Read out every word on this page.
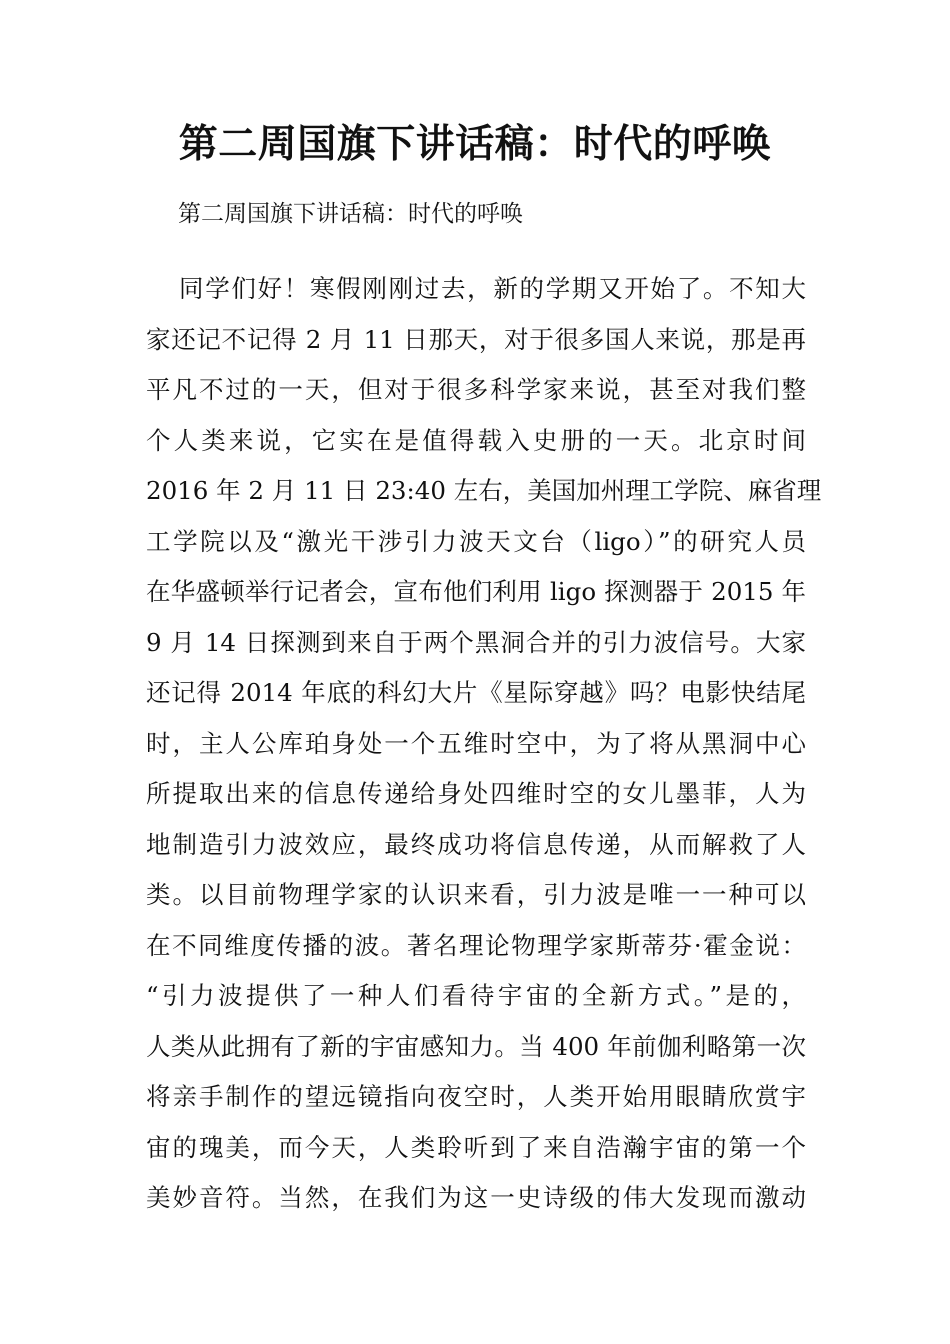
第二周国旗下讲话稿：时代的呼唤

第二周国旗下讲话稿：时代的呼唤

同学们好！寒假刚刚过去，新的学期又开始了。不知大
家还记不记得 2 月 11 日那天，对于很多国人来说，那是再
平凡不过的一天，但对于很多科学家来说，甚至对我们整
个人类来说，它实在是值得载入史册的一天。北京时间
2016 年 2 月 11 日 23:40 左右，美国加州理工学院、麻省理
工学院以及“激光干涉引力波天文台（ligo）”的研究人员
在华盛顿举行记者会，宣布他们利用 ligo 探测器于 2015 年
9 月 14 日探测到来自于两个黑洞合并的引力波信号。大家
还记得 2014 年底的科幻大片《星际穿越》吗？电影快结尾
时，主人公库珀身处一个五维时空中，为了将从黑洞中心
所提取出来的信息传递给身处四维时空的女儿墨菲，人为
地制造引力波效应，最终成功将信息传递，从而解救了人
类。以目前物理学家的认识来看，引力波是唯一一种可以
在不同维度传播的波。著名理论物理学家斯蒂芬·霍金说：
“引力波提供了一种人们看待宇宙的全新方式。”是的，
人类从此拥有了新的宇宙感知力。当 400 年前伽利略第一次
将亲手制作的望远镜指向夜空时，人类开始用眼睛欣赏宇
宙的瑰美，而今天，人类聆听到了来自浩瀚宇宙的第一个
美妙音符。当然，在我们为这一史诗级的伟大发现而激动
